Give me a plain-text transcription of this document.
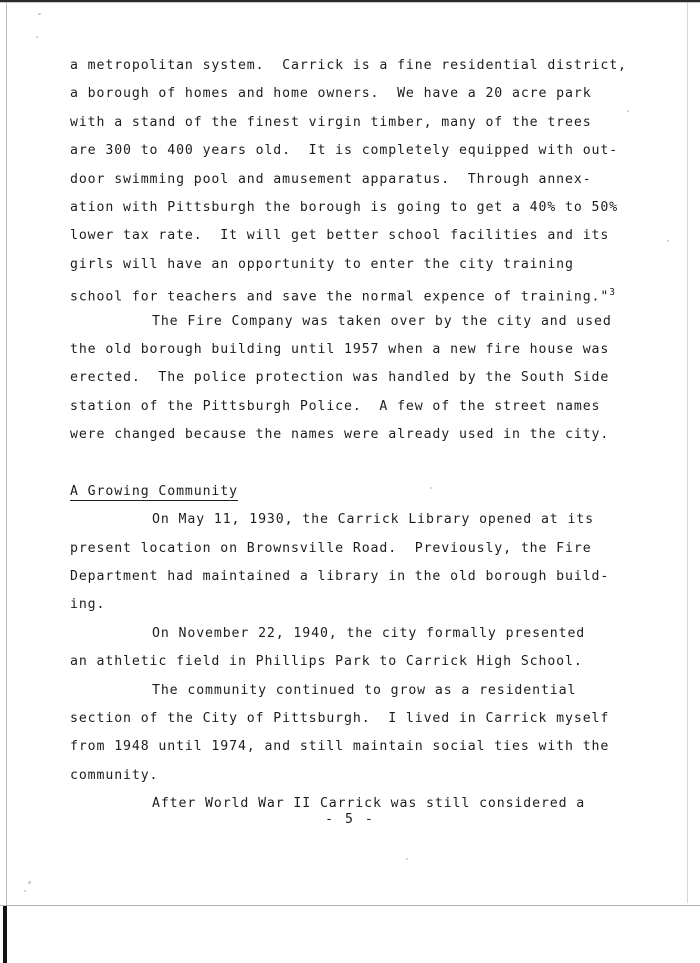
a metropolitan system.  Carrick is a fine residential district,
a borough of homes and home owners.  We have a 20 acre park
with a stand of the finest virgin timber, many of the trees
are 300 to 400 years old.  It is completely equipped with out-
door swimming pool and amusement apparatus.  Through annex-
ation with Pittsburgh the borough is going to get a 40% to 50%
lower tax rate.  It will get better school facilities and its
girls will have an opportunity to enter the city training
school for teachers and save the normal expence of training."$^3$
The Fire Company was taken over by the city and used
the old borough building until 1957 when a new fire house was
erected.  The police protection was handled by the South Side
station of the Pittsburgh Police.  A few of the street names
were changed because the names were already used in the city.
A Growing Community
On May 11, 1930, the Carrick Library opened at its
present location on Brownsville Road.  Previously, the Fire
Department had maintained a library in the old borough build-
ing.
On November 22, 1940, the city formally presented
an athletic field in Phillips Park to Carrick High School.
The community continued to grow as a residential
section of the City of Pittsburgh.  I lived in Carrick myself
from 1948 until 1974, and still maintain social ties with the
community.
After World War II Carrick was still considered a
- 5 -
